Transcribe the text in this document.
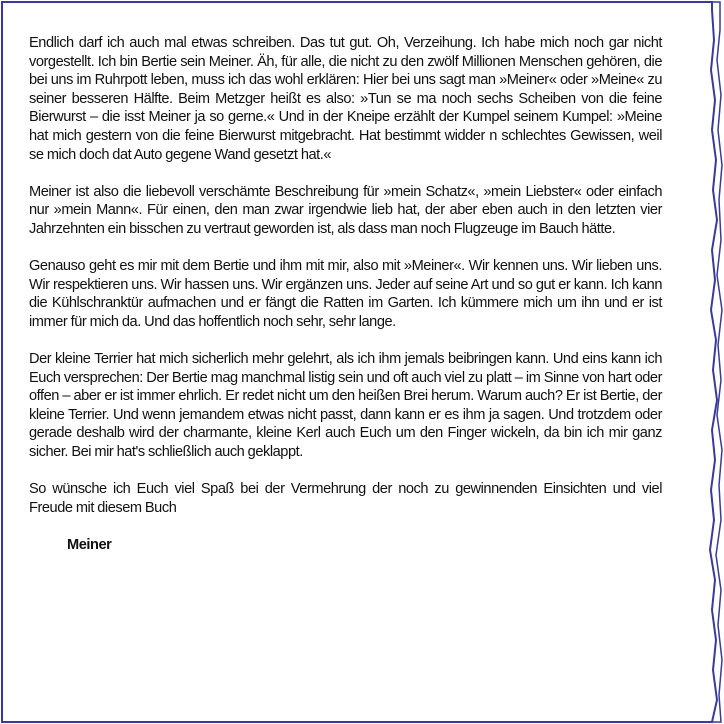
Endlich darf ich auch mal etwas schreiben. Das tut gut. Oh, Verzeihung. Ich habe mich noch gar nicht vorgestellt. Ich bin Bertie sein Meiner. Äh, für alle, die nicht zu den zwölf Millionen Menschen gehören, die bei uns im Ruhrpott leben, muss ich das wohl erklären: Hier bei uns sagt man »Meiner« oder »Meine« zu seiner besseren Hälfte. Beim Metzger heißt es also: »Tun se ma noch sechs Scheiben von die feine Bierwurst – die isst Meiner ja so gerne.« Und in der Kneipe erzählt der Kumpel seinem Kumpel: »Meine hat mich gestern von die feine Bierwurst mitgebracht. Hat bestimmt widder n schlechtes Gewissen, weil se mich doch dat Auto gegene Wand gesetzt hat.«

Meiner ist also die liebevoll verschämte Beschreibung für »mein Schatz«, »mein Liebster« oder einfach nur »mein Mann«. Für einen, den man zwar irgendwie lieb hat, der aber eben auch in den letzten vier Jahrzehnten ein bisschen zu vertraut geworden ist, als dass man noch Flugzeuge im Bauch hätte.

Genauso geht es mir mit dem Bertie und ihm mit mir, also mit »Meiner«. Wir kennen uns. Wir lieben uns. Wir respektieren uns. Wir hassen uns. Wir ergänzen uns. Jeder auf seine Art und so gut er kann. Ich kann die Kühlschranktür aufmachen und er fängt die Ratten im Garten. Ich kümmere mich um ihn und er ist immer für mich da. Und das hoffentlich noch sehr, sehr lange.

Der kleine Terrier hat mich sicherlich mehr gelehrt, als ich ihm jemals beibringen kann. Und eins kann ich Euch versprechen: Der Bertie mag manchmal listig sein und oft auch viel zu platt – im Sinne von hart oder offen – aber er ist immer ehrlich. Er redet nicht um den heißen Brei herum. Warum auch? Er ist Bertie, der kleine Terrier. Und wenn jemandem etwas nicht passt, dann kann er es ihm ja sagen. Und trotzdem oder gerade deshalb wird der charmante, kleine Kerl auch Euch um den Finger wickeln, da bin ich mir ganz sicher. Bei mir hat's schließlich auch geklappt.

So wünsche ich Euch viel Spaß bei der Vermehrung der noch zu gewinnenden Einsichten und viel Freude mit diesem Buch

Meiner
